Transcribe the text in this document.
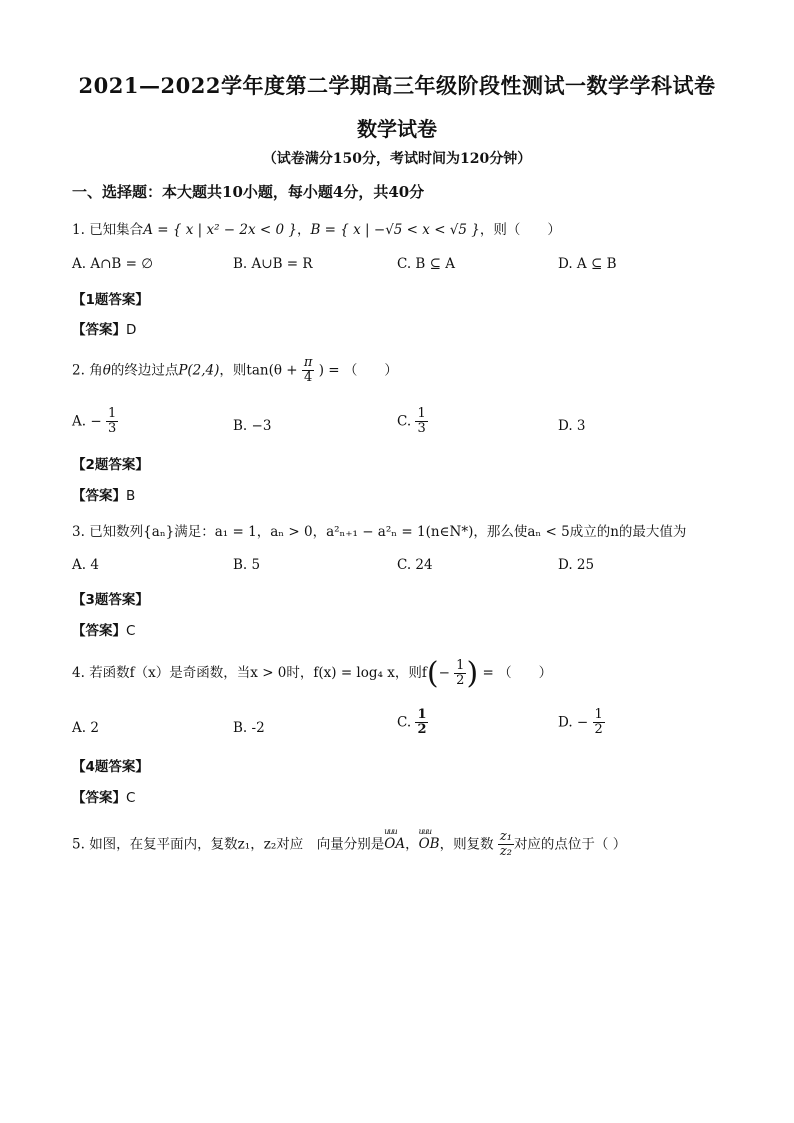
2021—2022学年度第二学期高三年级阶段性测试一数学学科试卷
数学试卷
（试卷满分150分，考试时间为120分钟）
一、选择题：本大题共10小题，每小题4分，共40分
1. 已知集合A = { x | x² − 2x < 0 }，B = { x | −√5 < x < √5 }，则（　　）
A. A∩B = ∅	B. A∪B = R	C. B ⊆ A	D. A ⊆ B
【1题答案】
【答案】D
2. 角θ的终边过点P(2,4)，则$\tan(\theta + \frac{\pi}{4}$ ) = （　　）
A. − $\frac{1}{3}$	B. −3	C. $\frac{1}{3}$	D. 3
【2题答案】
【答案】B
3. 已知数列{aₙ}满足：a₁ = 1，aₙ > 0，a²ₙ₊₁ − a²ₙ = 1(n∈N*)，那么使aₙ < 5成立的n的最大值为
A. 4	B. 5	C. 24	D. 25
【3题答案】
【答案】C
4. 若函数f（x）是奇函数，当x > 0时，f(x) = log₄ x，则$f(- \frac{1}{2}$ ) = （　　）
A. 2	B. -2	C. $\frac{1}{2}$	D. − $\frac{1}{2}$
【4题答案】
【答案】C
5. 如图，在复平面内，复数z₁，z₂对应　向量分别是uuu OA，uuu OB，则复数 $\frac{\text{z₁}}{\text{z₂}}$ 对应的点位于（ ）
